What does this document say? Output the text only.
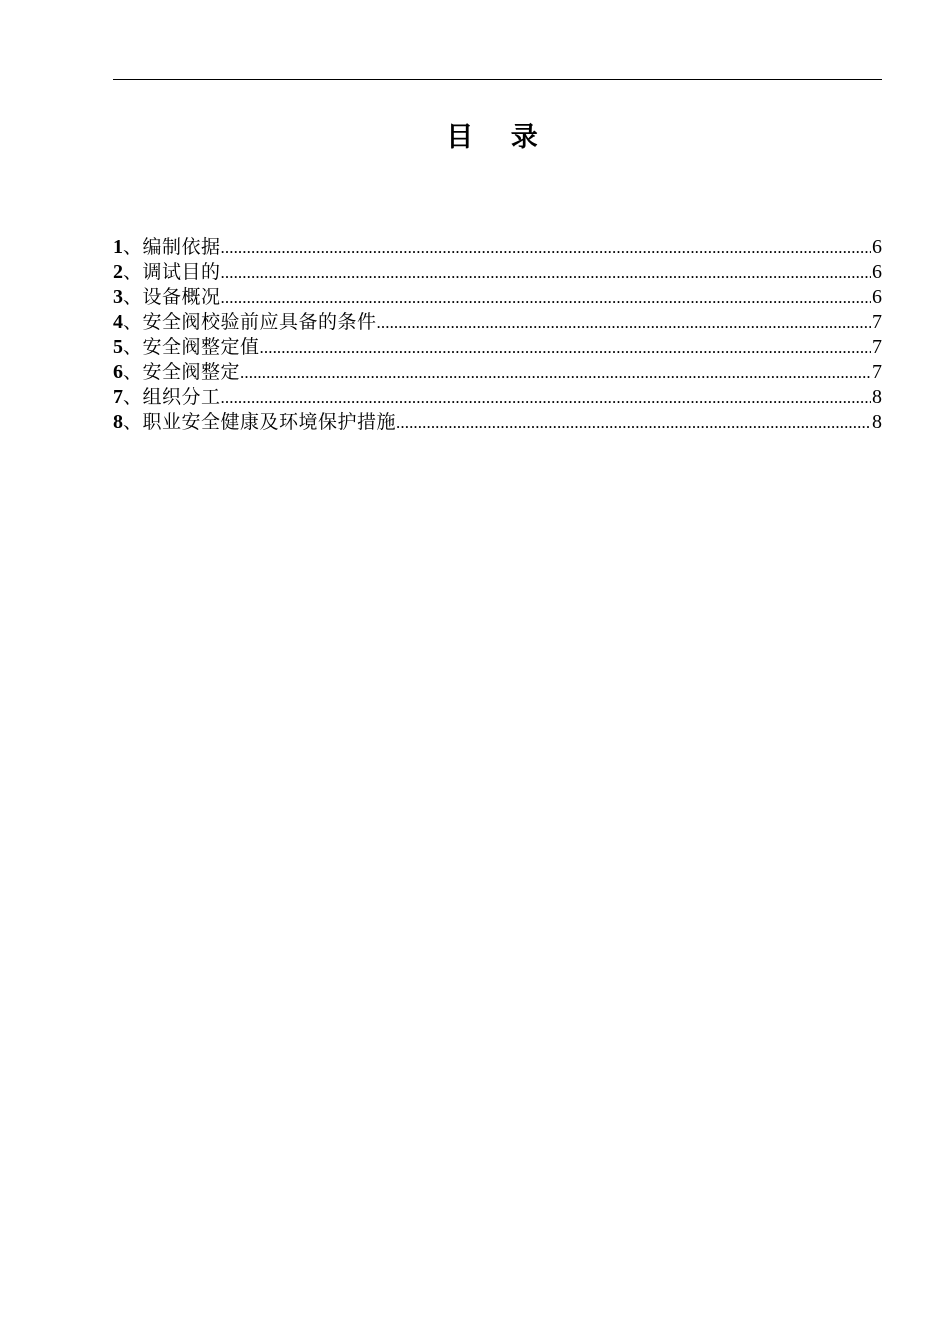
目 录
1 、 编制依据 .....	6
2 、 调试目的 .....	6
3 、 设备概况 .....	6
4 、 安全阀校验前应具备的条件 .....	7
5 、 安全阀整定值 .....	7
6 、 安全阀整定 .....	7
7 、 组织分工 .....	8
8 、 职业安全健康及环境保护措施 .....	8
